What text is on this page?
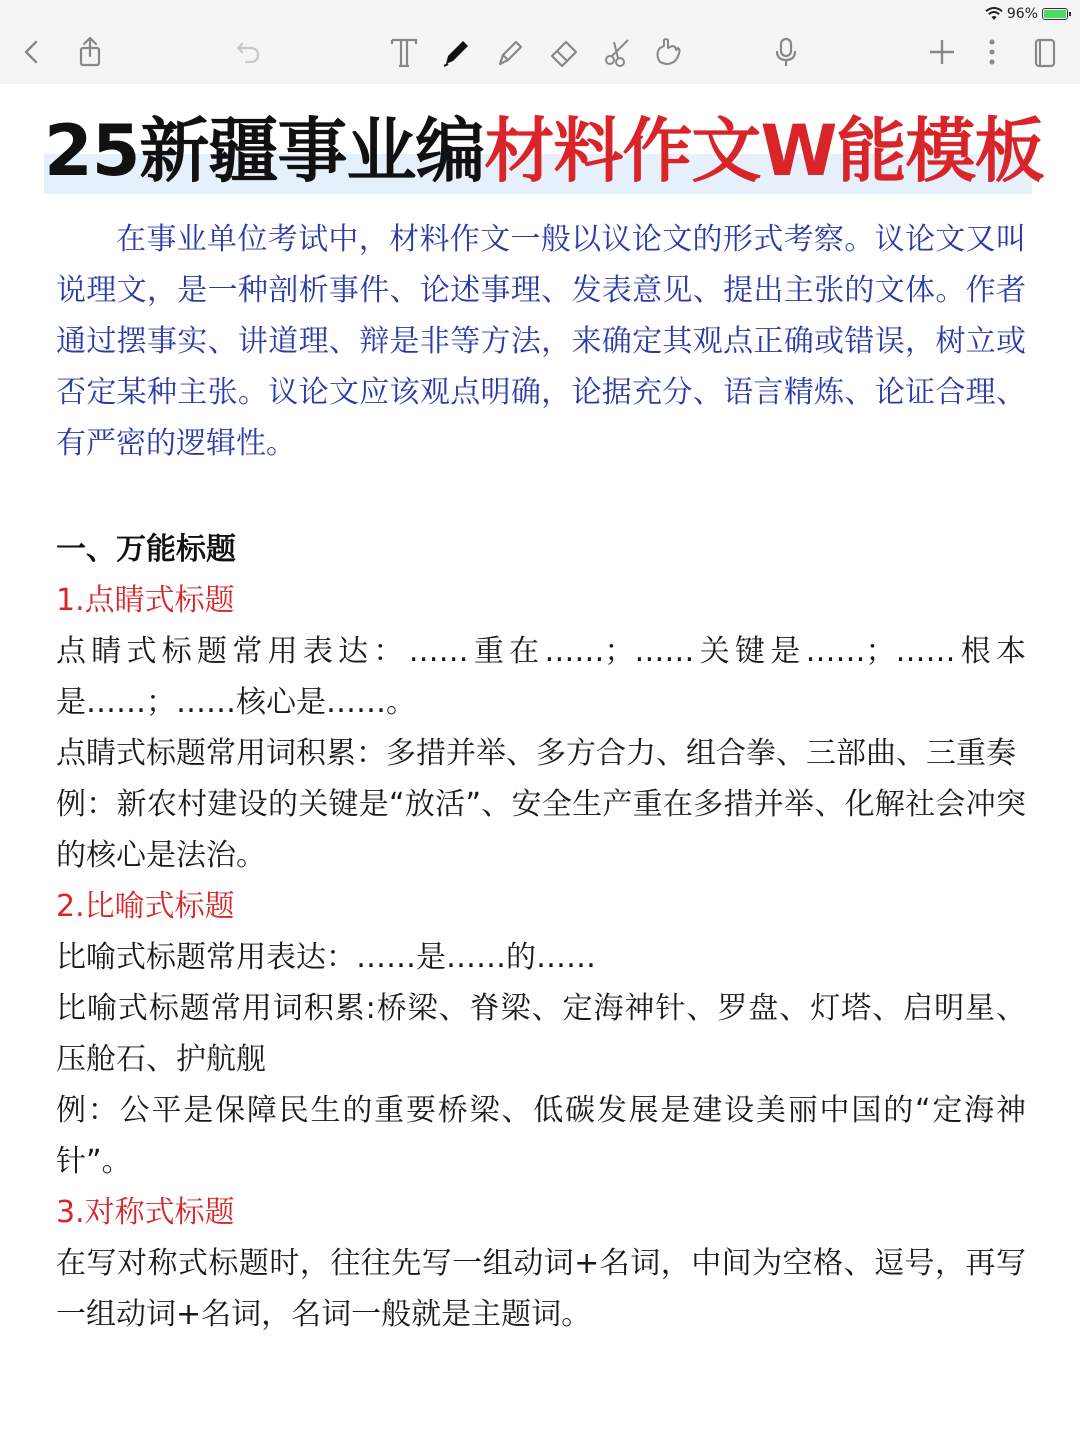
96%
25新疆事业编材料作文W能模板
在事业单位考试中，材料作文一般以议论文的形式考察。议论文又叫说理文，是一种剖析事件、论述事理、发表意见、提出主张的文体。作者通过摆事实、讲道理、辩是非等方法，来确定其观点正确或错误，树立或否定某种主张。议论文应该观点明确，论据充分、语言精炼、论证合理、有严密的逻辑性。

一、万能标题

1.点睛式标题

点睛式标题常用表达：……重在……；……关键是……；……根本是……；……核心是……。

点睛式标题常用词积累：多措并举、多方合力、组合拳、三部曲、三重奏

例：新农村建设的关键是“放活”、安全生产重在多措并举、化解社会冲突的核心是法治。

2.比喻式标题

比喻式标题常用表达：……是……的……

比喻式标题常用词积累:桥梁、脊梁、定海神针、罗盘、灯塔、启明星、压舱石、护航舰

例：公平是保障民生的重要桥梁、低碳发展是建设美丽中国的“定海神针”。

3.对称式标题

在写对称式标题时，往往先写一组动词+名词，中间为空格、逗号，再写一组动词+名词，名词一般就是主题词。
